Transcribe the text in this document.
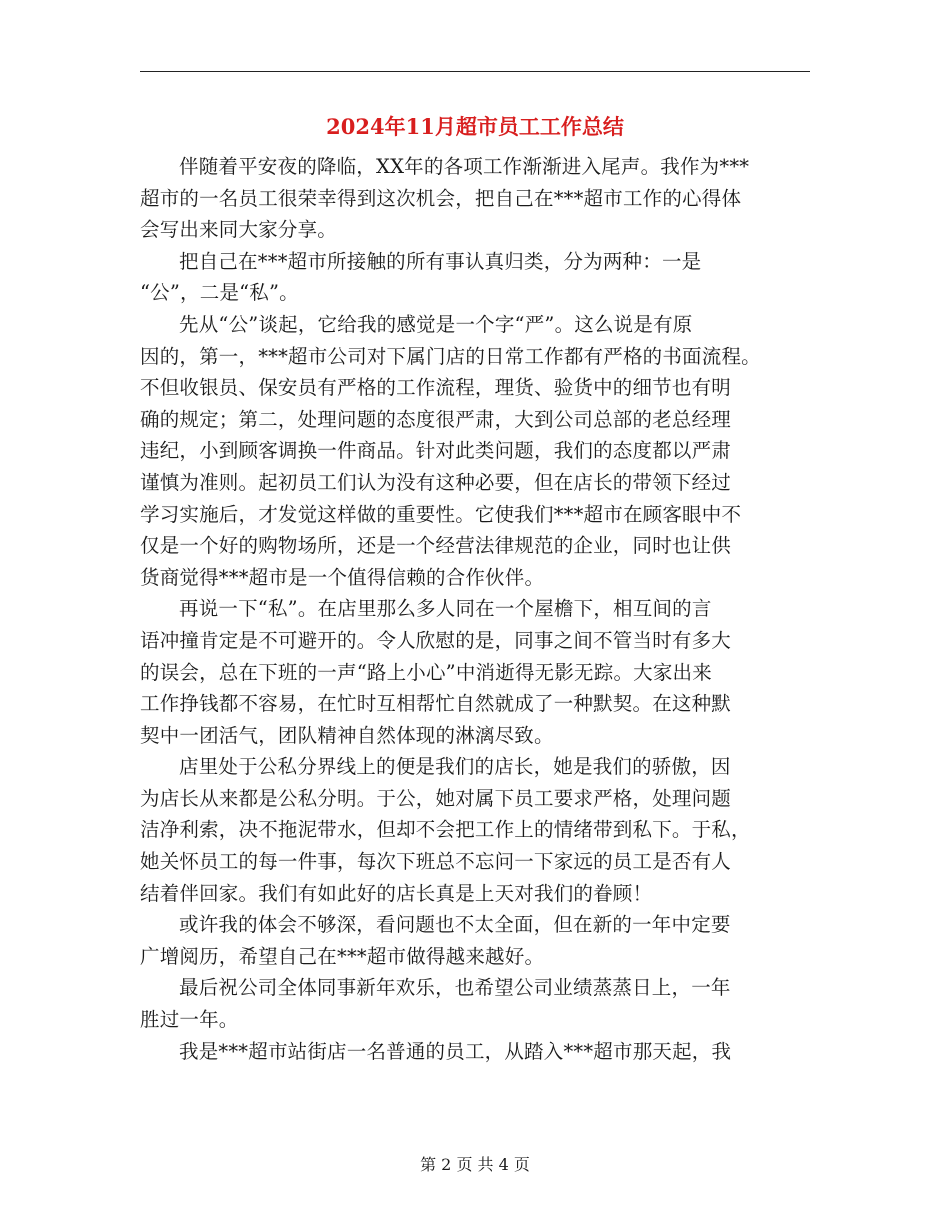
2024年11月超市员工工作总结

伴随着平安夜的降临，XX年的各项工作渐渐进入尾声。我作为***
超市的一名员工很荣幸得到这次机会，把自己在***超市工作的心得体
会写出来同大家分享。

把自己在***超市所接触的所有事认真归类，分为两种：一是
“公”，二是“私”。

先从“公”谈起，它给我的感觉是一个字“严”。这么说是有原
因的，第一，***超市公司对下属门店的日常工作都有严格的书面流程。
不但收银员、保安员有严格的工作流程，理货、验货中的细节也有明
确的规定；第二，处理问题的态度很严肃，大到公司总部的老总经理
违纪，小到顾客调换一件商品。针对此类问题，我们的态度都以严肃
谨慎为准则。起初员工们认为没有这种必要，但在店长的带领下经过
学习实施后，才发觉这样做的重要性。它使我们***超市在顾客眼中不
仅是一个好的购物场所，还是一个经营法律规范的企业，同时也让供
货商觉得***超市是一个值得信赖的合作伙伴。

再说一下“私”。在店里那么多人同在一个屋檐下，相互间的言
语冲撞肯定是不可避开的。令人欣慰的是，同事之间不管当时有多大
的误会，总在下班的一声“路上小心”中消逝得无影无踪。大家出来
工作挣钱都不容易，在忙时互相帮忙自然就成了一种默契。在这种默
契中一团活气，团队精神自然体现的淋漓尽致。

店里处于公私分界线上的便是我们的店长，她是我们的骄傲，因
为店长从来都是公私分明。于公，她对属下员工要求严格，处理问题
洁净利索，决不拖泥带水，但却不会把工作上的情绪带到私下。于私，
她关怀员工的每一件事，每次下班总不忘问一下家远的员工是否有人
结着伴回家。我们有如此好的店长真是上天对我们的眷顾！

或许我的体会不够深，看问题也不太全面，但在新的一年中定要
广增阅历，希望自己在***超市做得越来越好。

最后祝公司全体同事新年欢乐，也希望公司业绩蒸蒸日上，一年
胜过一年。

我是***超市站街店一名普通的员工，从踏入***超市那天起，我

第 2 页 共 4 页
